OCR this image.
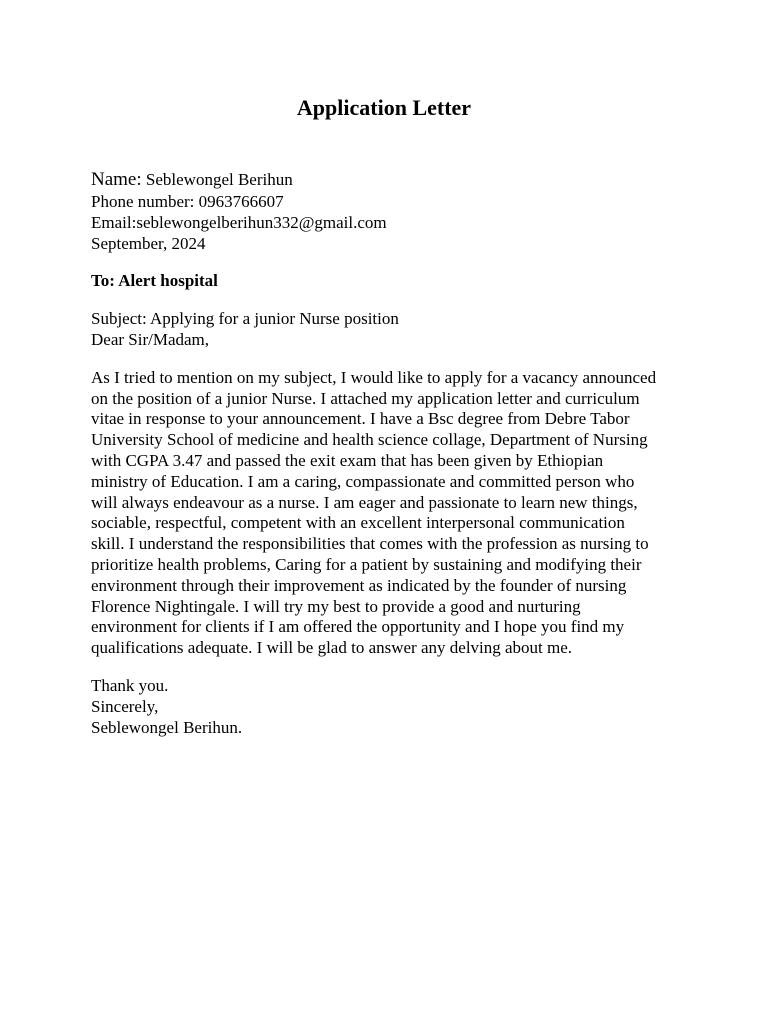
Application Letter
Name: Seblewongel Berihun
Phone number: 0963766607
Email:seblewongelberihun332@gmail.com
September, 2024
To: Alert hospital
Subject: Applying for a junior Nurse position
Dear Sir/Madam,
As I tried to mention on my subject, I would like to apply for a vacancy announced
on the position of a junior Nurse. I attached my application letter and curriculum
vitae in response to your announcement. I have a Bsc degree from Debre Tabor
University School of medicine and health science collage, Department of Nursing
with CGPA 3.47 and passed the exit exam that has been given by Ethiopian
ministry of Education. I am a caring, compassionate and committed person who
will always endeavour as a nurse. I am eager and passionate to learn new things,
sociable, respectful, competent with an excellent interpersonal communication
skill. I understand the responsibilities that comes with the profession as nursing to
prioritize health problems, Caring for a patient by sustaining and modifying their
environment through their improvement as indicated by the founder of nursing
Florence Nightingale. I will try my best to provide a good and nurturing
environment for clients if I am offered the opportunity and I hope you find my
qualifications adequate. I will be glad to answer any delving about me.
Thank you.
Sincerely,
Seblewongel Berihun.
